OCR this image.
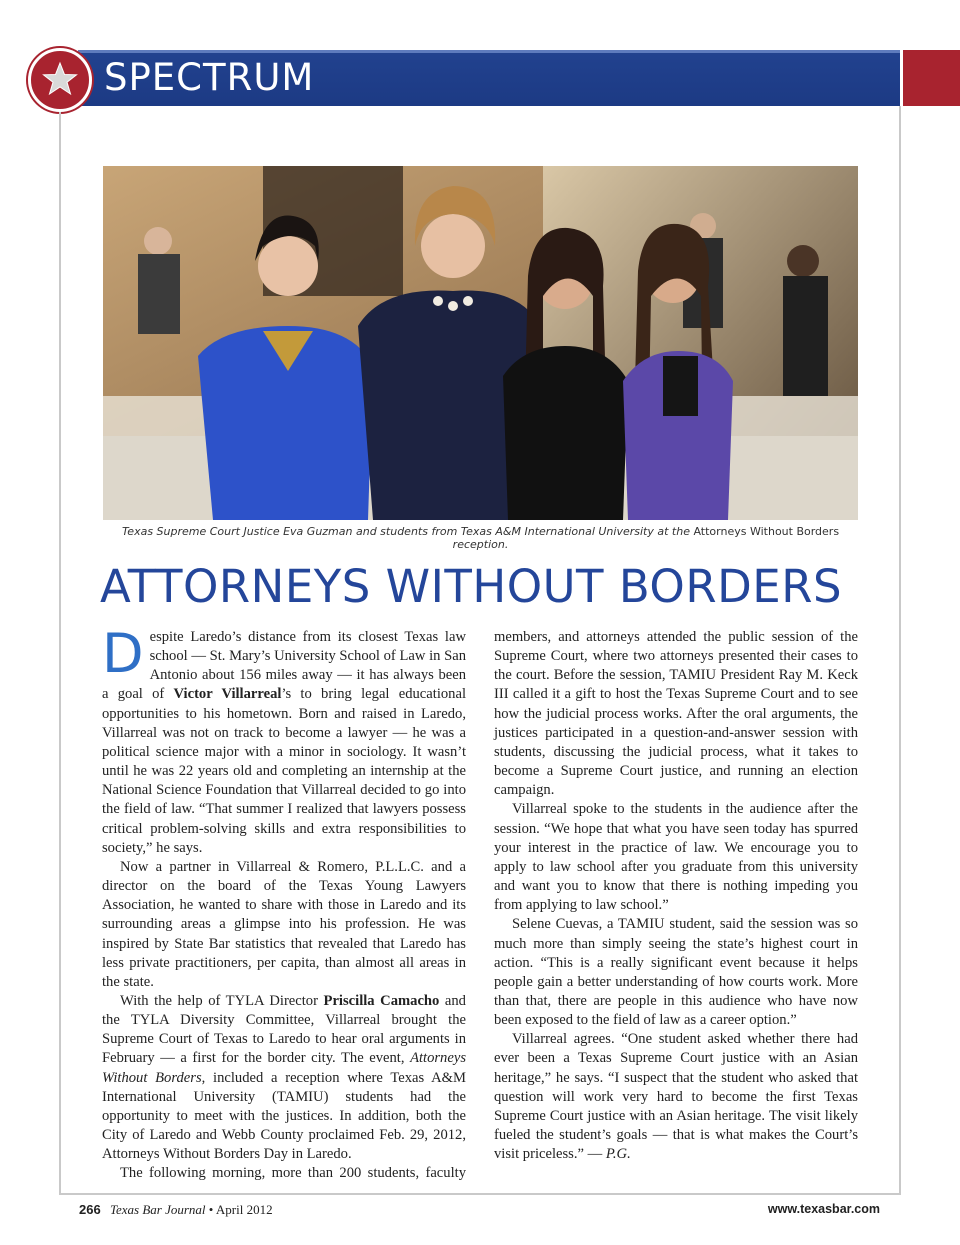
SPECTRUM
Texas Supreme Court Justice Eva Guzman and students from Texas A&M International University at the Attorneys Without Borders reception.
ATTORNEYS WITHOUT BORDERS

Despite Laredo’s distance from its closest Texas law school — St. Mary’s University School of Law in San Antonio about 156 miles away — it has always been a goal of Victor Villarreal’s to bring legal educational opportunities to his hometown. Born and raised in Laredo, Villarreal was not on track to become a lawyer — he was a political science major with a minor in sociology. It wasn’t until he was 22 years old and completing an internship at the National Science Foundation that Villarreal decided to go into the field of law. “That summer I realized that lawyers possess critical problem-solving skills and extra responsibilities to society,” he says.

Now a partner in Villarreal & Romero, P.L.L.C. and a director on the board of the Texas Young Lawyers Association, he wanted to share with those in Laredo and its surrounding areas a glimpse into his profession. He was inspired by State Bar statistics that revealed that Laredo has less private practitioners, per capita, than almost all areas in the state.

With the help of TYLA Director Priscilla Camacho and the TYLA Diversity Committee, Villarreal brought the Supreme Court of Texas to Laredo to hear oral arguments in February — a first for the border city. The event, Attorneys Without Borders, included a reception where Texas A&M International University (TAMIU) students had the opportunity to meet with the justices. In addition, both the City of Laredo and Webb County proclaimed Feb. 29, 2012, Attorneys Without Borders Day in Laredo.

The following morning, more than 200 students, faculty

members, and attorneys attended the public session of the Supreme Court, where two attorneys presented their cases to the court. Before the session, TAMIU President Ray M. Keck III called it a gift to host the Texas Supreme Court and to see how the judicial process works. After the oral arguments, the justices participated in a question-and-answer session with students, discussing the judicial process, what it takes to become a Supreme Court justice, and running an election campaign.

Villarreal spoke to the students in the audience after the session. “We hope that what you have seen today has spurred your interest in the practice of law. We encourage you to apply to law school after you graduate from this university and want you to know that there is nothing impeding you from applying to law school.”

Selene Cuevas, a TAMIU student, said the session was so much more than simply seeing the state’s highest court in action. “This is a really significant event because it helps people gain a better understanding of how courts work. More than that, there are people in this audience who have now been exposed to the field of law as a career option.”

Villarreal agrees. “One student asked whether there had ever been a Texas Supreme Court justice with an Asian heritage,” he says. “I suspect that the student who asked that question will work very hard to become the first Texas Supreme Court justice with an Asian heritage. The visit likely fueled the student’s goals — that is what makes the Court’s visit priceless.” — P.G.

266 Texas Bar Journal • April 2012	www.texasbar.com
